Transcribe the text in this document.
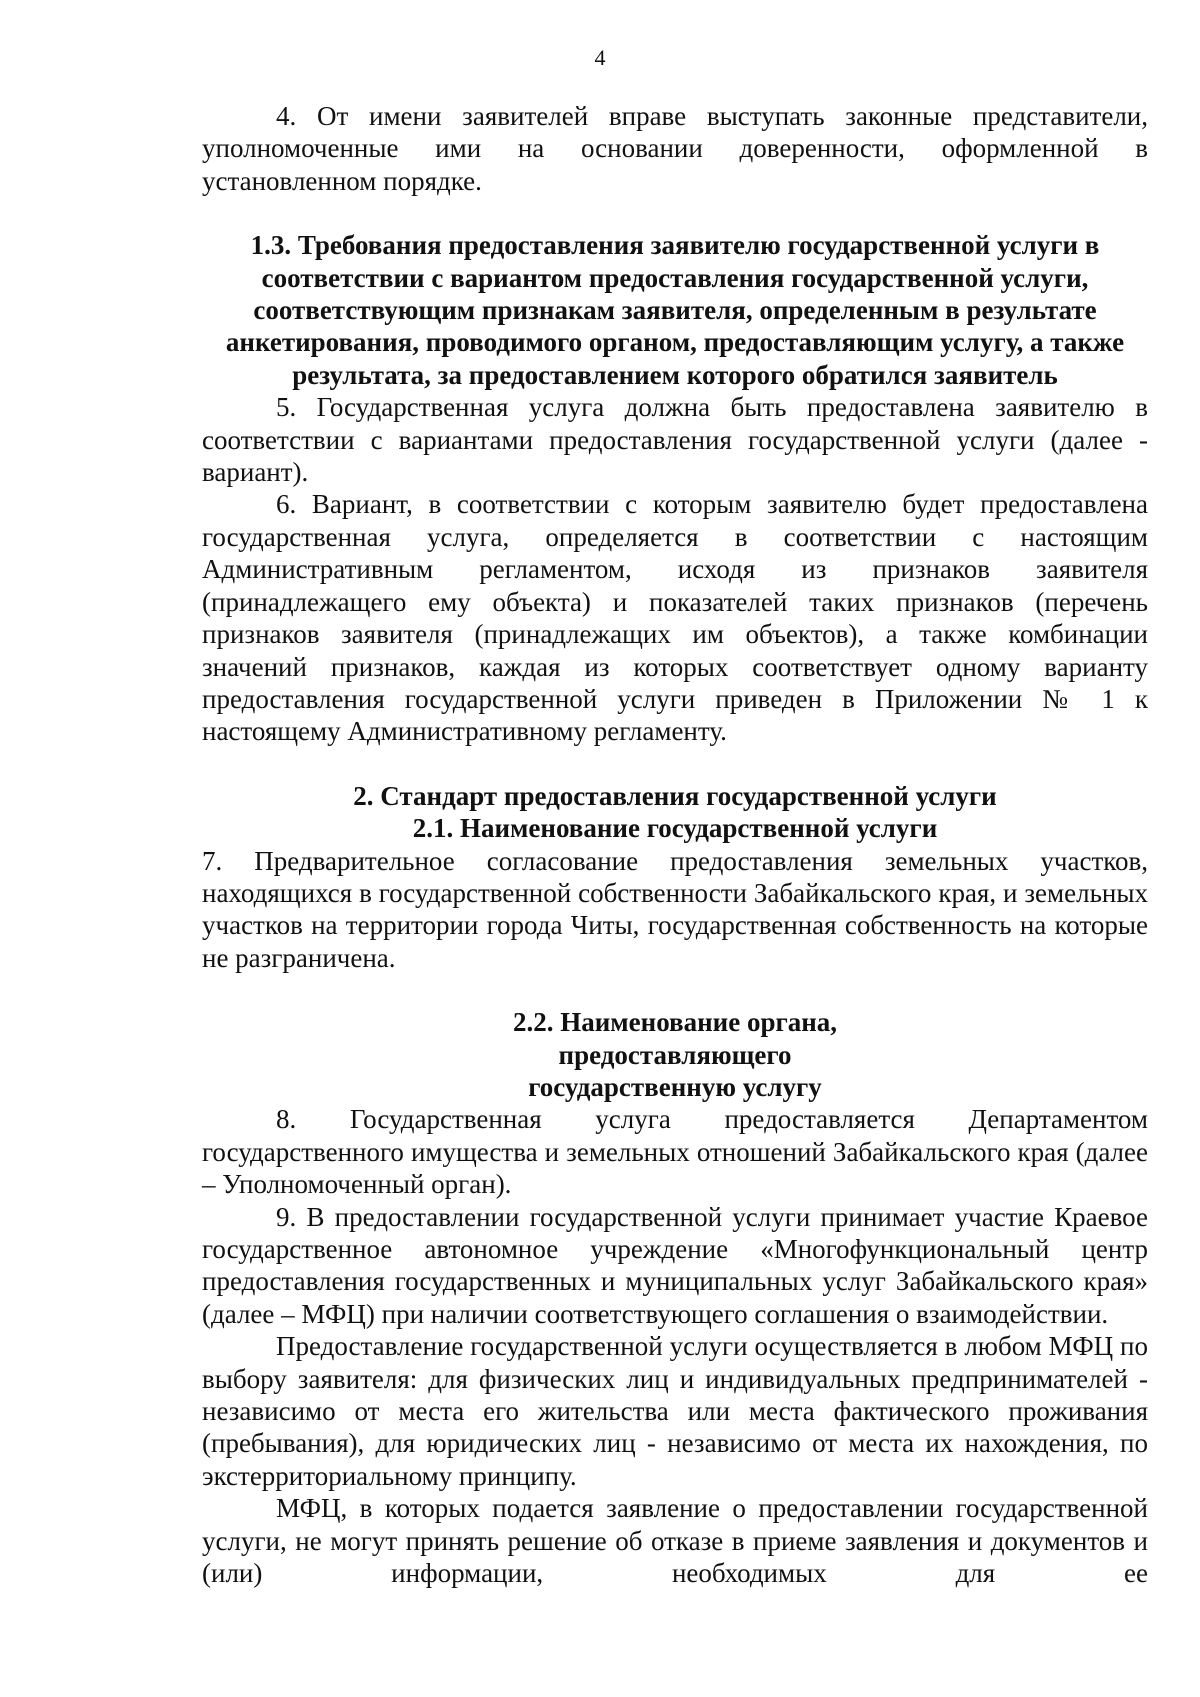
4

4. От имени заявителей вправе выступать законные представители, уполномоченные ими на основании доверенности, оформленной в установленном порядке.

1.3. Требования предоставления заявителю государственной услуги в соответствии с вариантом предоставления государственной услуги, соответствующим признакам заявителя, определенным в результате анкетирования, проводимого органом, предоставляющим услугу, а также результата, за предоставлением которого обратился заявитель

5. Государственная услуга должна быть предоставлена заявителю в соответствии с вариантами предоставления государственной услуги (далее - вариант).

6. Вариант, в соответствии с которым заявителю будет предоставлена государственная услуга, определяется в соответствии с настоящим Административным регламентом, исходя из признаков заявителя (принадлежащего ему объекта) и показателей таких признаков (перечень признаков заявителя (принадлежащих им объектов), а также комбинации значений признаков, каждая из которых соответствует одному варианту предоставления государственной услуги приведен в Приложении № 1 к настоящему Административному регламенту.

2. Стандарт предоставления государственной услуги

2.1. Наименование государственной услуги

7. Предварительное согласование предоставления земельных участков, находящихся в государственной собственности Забайкальского края, и земельных участков на территории города Читы, государственная собственность на которые не разграничена.

2.2. Наименование органа, предоставляющего государственную услугу

8. Государственная услуга предоставляется Департаментом государственного имущества и земельных отношений Забайкальского края (далее – Уполномоченный орган).

9. В предоставлении государственной услуги принимает участие Краевое государственное автономное учреждение «Многофункциональный центр предоставления государственных и муниципальных услуг Забайкальского края» (далее – МФЦ) при наличии соответствующего соглашения о взаимодействии.

Предоставление государственной услуги осуществляется в любом МФЦ по выбору заявителя: для физических лиц и индивидуальных предпринимателей - независимо от места его жительства или места фактического проживания (пребывания), для юридических лиц - независимо от места их нахождения, по экстерриториальному принципу.

МФЦ, в которых подается заявление о предоставлении государственной услуги, не могут принять решение об отказе в приеме заявления и документов и (или) информации, необходимых для ее
